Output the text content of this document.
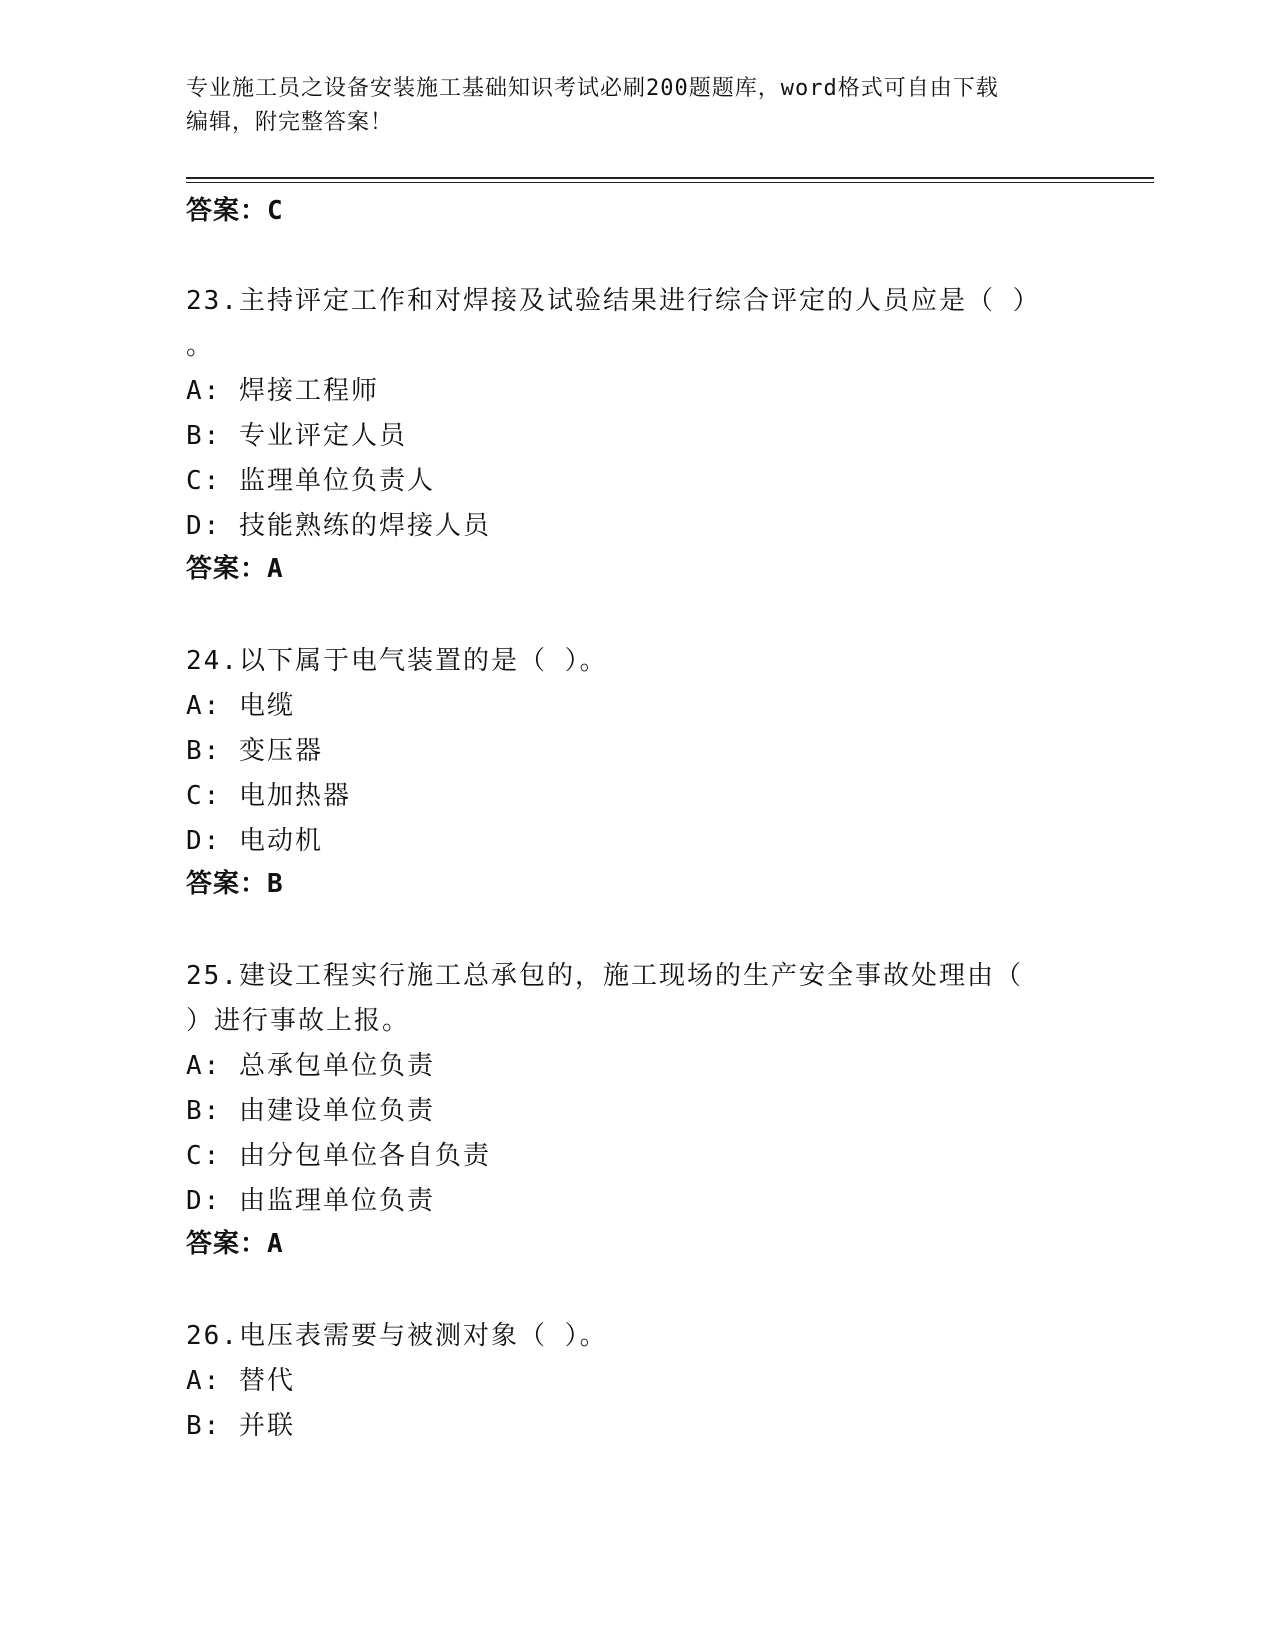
专业施工员之设备安装施工基础知识考试必刷200题题库，word格式可自由下载
编辑，附完整答案！
答案：C
23.主持评定工作和对焊接及试验结果进行综合评定的人员应是（ ）
。
A: 焊接工程师
B: 专业评定人员
C: 监理单位负责人
D: 技能熟练的焊接人员
答案：A
24.以下属于电气装置的是（ ）。
A: 电缆
B: 变压器
C: 电加热器
D: 电动机
答案：B
25.建设工程实行施工总承包的，施工现场的生产安全事故处理由（
）进行事故上报。
A: 总承包单位负责
B: 由建设单位负责
C: 由分包单位各自负责
D: 由监理单位负责
答案：A
26.电压表需要与被测对象（ ）。
A: 替代
B: 并联
